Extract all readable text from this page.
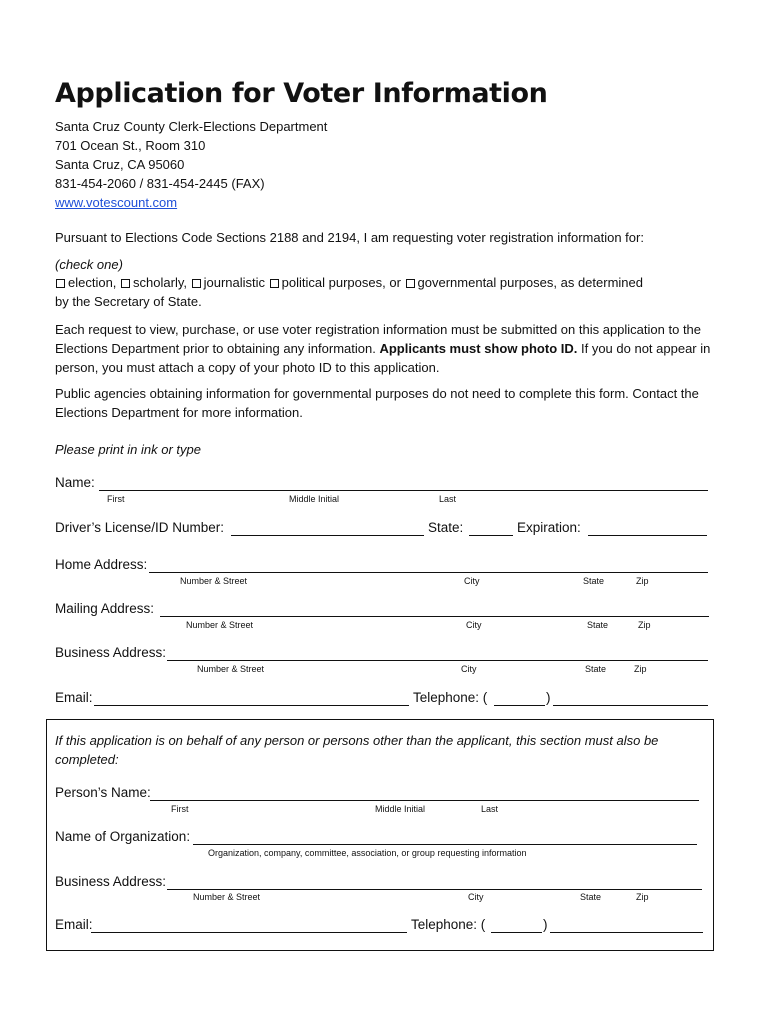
Application for Voter Information
Santa Cruz County Clerk-Elections Department
701 Ocean St., Room 310
Santa Cruz, CA 95060
831-454-2060 / 831-454-2445 (FAX)
www.votescount.com
Pursuant to Elections Code Sections 2188 and 2194, I am requesting voter registration information for:
(check one)
election, scholarly, journalistic political purposes, or governmental purposes, as determined
by the Secretary of State.
Each request to view, purchase, or use voter registration information must be submitted on this application to the Elections Department prior to obtaining any information. Applicants must show photo ID. If you do not appear in person, you must attach a copy of your photo ID to this application.
Public agencies obtaining information for governmental purposes do not need to complete this form. Contact the Elections Department for more information.
Please print in ink or type
Name:
First	Middle Initial	Last
Driver’s License/ID Number:	State:	Expiration:
Home Address:
Number & Street	City	State	Zip
Mailing Address:
Number & Street	City	State	Zip
Business Address:
Number & Street	City	State	Zip
Email:	Telephone: (	)
If this application is on behalf of any person or persons other than the applicant, this section must also be completed:
Person’s Name:
First	Middle Initial	Last
Name of Organization:
Organization, company, committee, association, or group requesting information
Business Address:
Number & Street	City	State	Zip
Email:	Telephone: (	)
